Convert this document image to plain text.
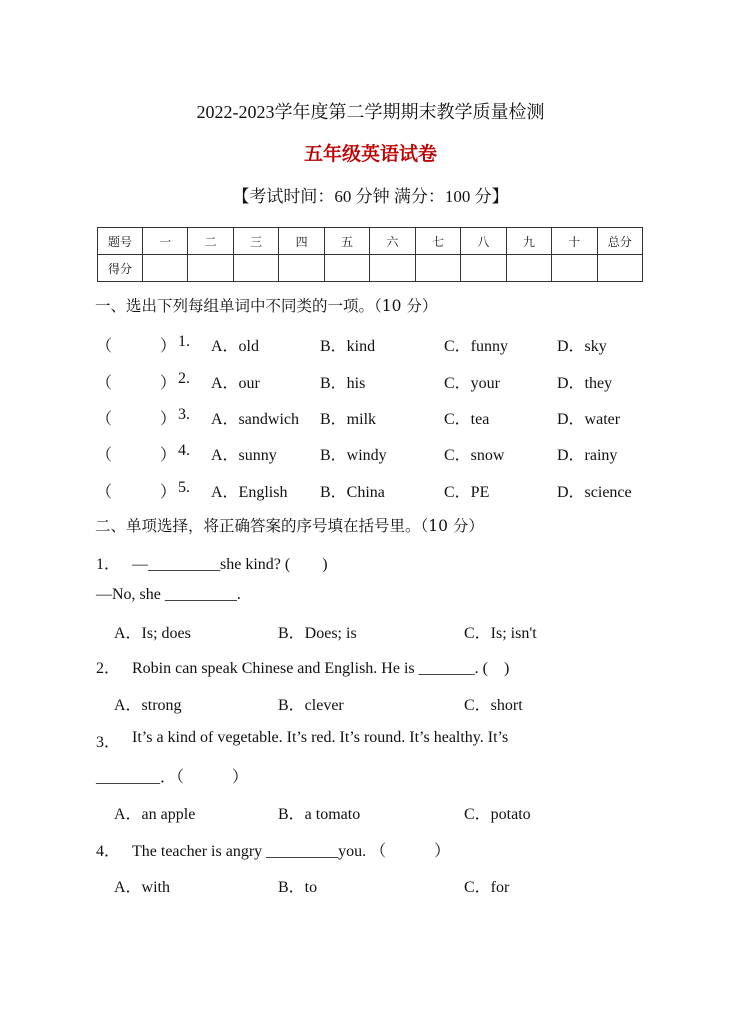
2022-2023学年度第二学期期末教学质量检测
五年级英语试卷
【考试时间：60 分钟 满分：100 分】
题号	一	二	三	四	五	六	七	八	九	十	总分
得分											
一、选出下列每组单词中不同类的一项。（10 分）
（　　　） 1. A．old	B．kind	C．funny	D．sky
（　　　） 2. A．our	B．his	C．your	D．they
（　　　） 3. A．sandwich B．milk	C．tea	D．water
（　　　） 4. A．sunny	B．windy	C．snow	D．rainy
（　　　） 5. A．English B．China	C．PE	D．science
二、单项选择，将正确答案的序号填在括号里。（10 分）
1． —_________she kind? (　　)
—No, she _________.
A．Is; does	B．Does; is	C．Is; isn't
2． Robin can speak Chinese and English. He is _______. (　)
A．strong	B．clever	C．short
3． It’s a kind of vegetable. It’s red. It’s round. It’s healthy. It’s
________．（　　　）
A．an apple	B．a tomato	C．potato
4． The teacher is angry _________you. （　　　）
A．with	B．to	C．for
